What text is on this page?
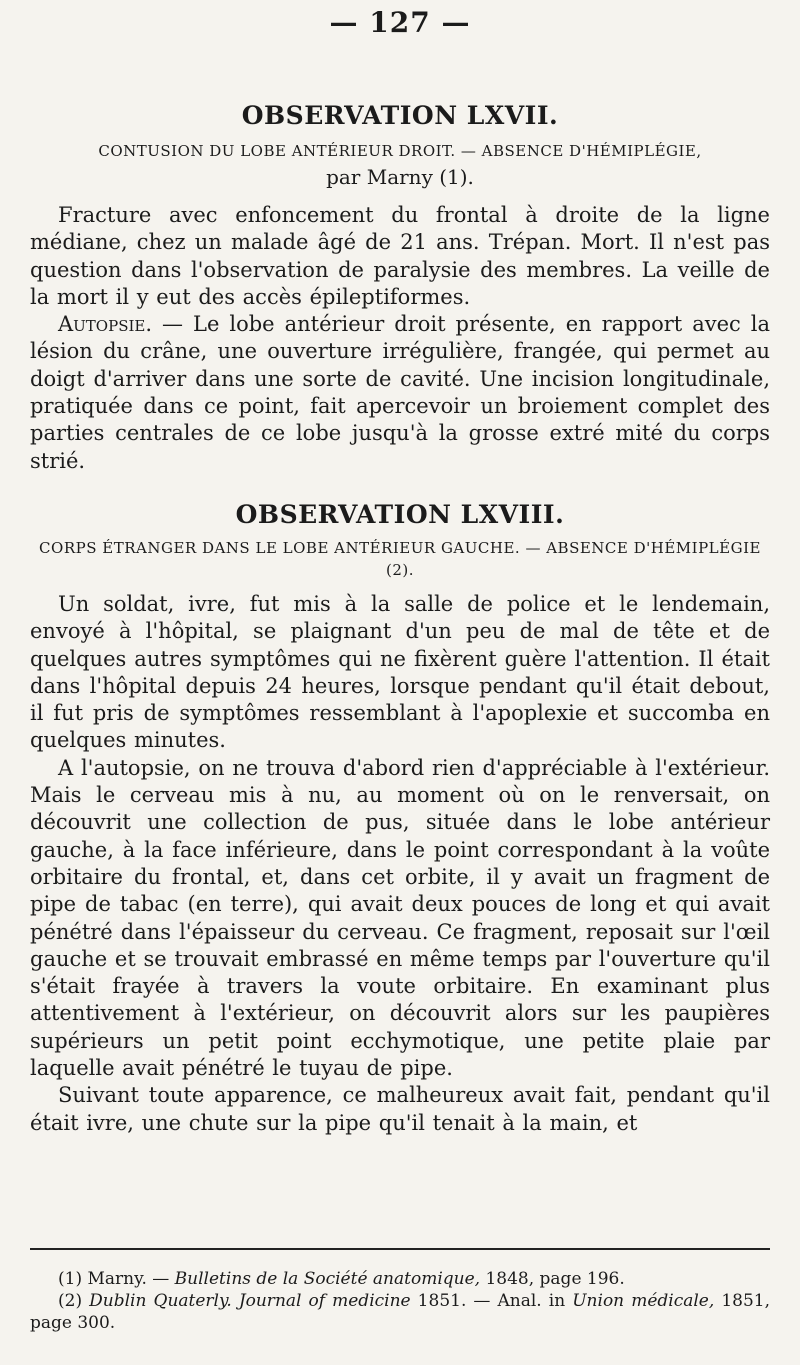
— 127 —
OBSERVATION LXVII.

CONTUSION DU LOBE ANTÉRIEUR DROIT. — ABSENCE D'HÉMIPLÉGIE,

par Marny (1).

Fracture avec enfoncement du frontal à droite de la ligne médiane, chez un malade âgé de 21 ans. Trépan. Mort. Il n'est pas question dans l'observation de paralysie des membres. La veille de la mort il y eut des accès épileptiformes.

Autopsie. — Le lobe antérieur droit présente, en rapport avec la lésion du crâne, une ouverture irrégulière, frangée, qui permet au doigt d'arriver dans une sorte de cavité. Une incision longitudinale, pratiquée dans ce point, fait apercevoir un broiement complet des parties centrales de ce lobe jusqu'à la grosse extré mité du corps strié.

OBSERVATION LXVIII.

CORPS ÉTRANGER DANS LE LOBE ANTÉRIEUR GAUCHE. — ABSENCE D'HÉMIPLÉGIE (2).

Un soldat, ivre, fut mis à la salle de police et le lendemain, envoyé à l'hôpital, se plaignant d'un peu de mal de tête et de quelques autres symptômes qui ne fixèrent guère l'attention. Il était dans l'hôpital depuis 24 heures, lorsque pendant qu'il était debout, il fut pris de symptômes ressemblant à l'apoplexie et succomba en quelques minutes.

A l'autopsie, on ne trouva d'abord rien d'appréciable à l'extérieur. Mais le cerveau mis à nu, au moment où on le renversait, on découvrit une collection de pus, située dans le lobe antérieur gauche, à la face inférieure, dans le point correspondant à la voûte orbitaire du frontal, et, dans cet orbite, il y avait un fragment de pipe de tabac (en terre), qui avait deux pouces de long et qui avait pénétré dans l'épaisseur du cerveau. Ce fragment, reposait sur l'œil gauche et se trouvait embrassé en même temps par l'ouverture qu'il s'était frayée à travers la voute orbitaire. En examinant plus attentivement à l'extérieur, on découvrit alors sur les paupières supérieurs un petit point ecchymotique, une petite plaie par laquelle avait pénétré le tuyau de pipe.

Suivant toute apparence, ce malheureux avait fait, pendant qu'il était ivre, une chute sur la pipe qu'il tenait à la main, et

(1) Marny. — Bulletins de la Société anatomique, 1848, page 196.

(2) Dublin Quaterly. Journal of medicine 1851. — Anal. in Union médicale, 1851, page 300.
